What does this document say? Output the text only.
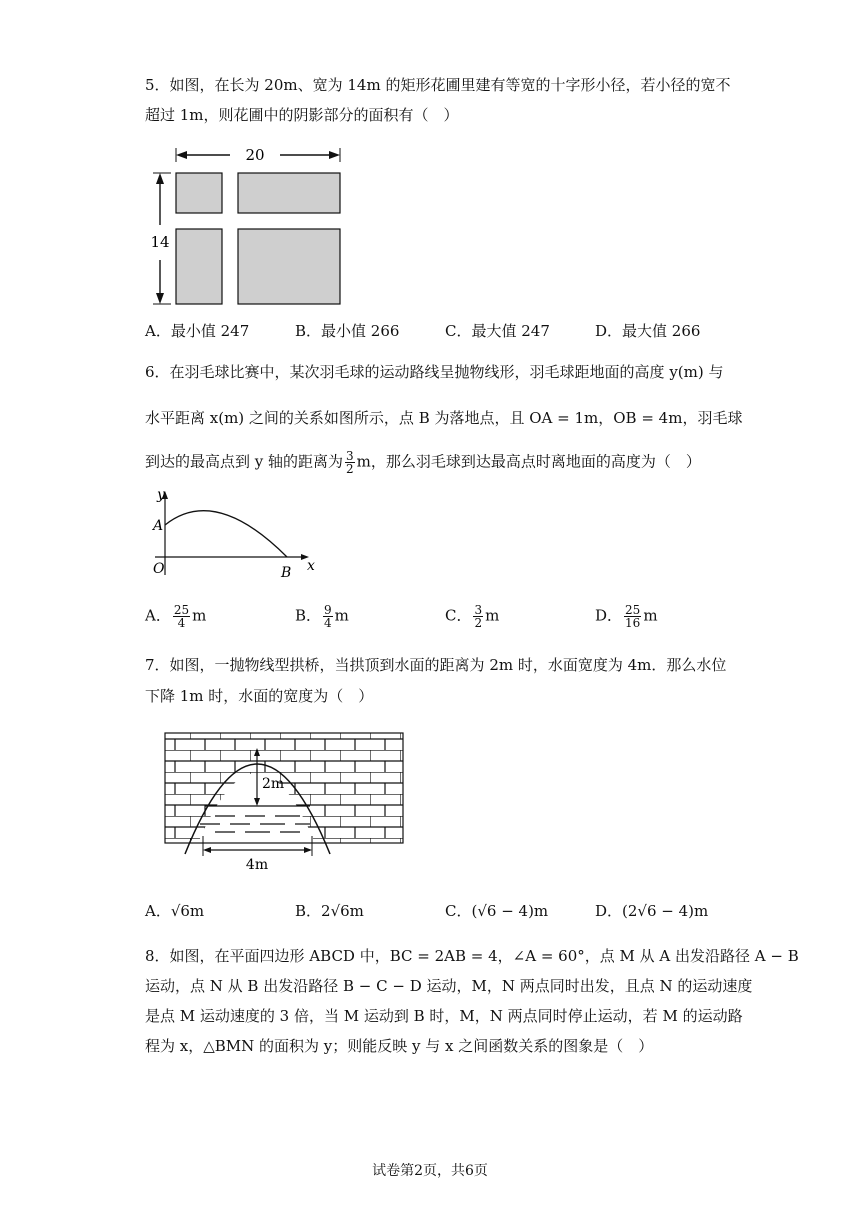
5．如图，在长为 20m、宽为 14m 的矩形花圃里建有等宽的十字形小径，若小径的宽不
超过 1m，则花圃中的阴影部分的面积有（　）
20
14
A．最小值 247	B．最小值 266	C．最大值 247	D．最大值 266
6．在羽毛球比赛中，某次羽毛球的运动路线呈抛物线形，羽毛球距地面的高度 y(m) 与
水平距离 x(m) 之间的关系如图所示，点 B 为落地点，且 OA = 1m，OB = 4m，羽毛球
到达的最高点到 y 轴的距离为 $\frac{3}{2}$ m，那么羽毛球到达最高点时离地面的高度为（　）
y
x
A
O	B
A． $\frac{25}{4}$ m	B． $\frac{9}{4}$ m	C． $\frac{3}{2}$ m	D． $\frac{25}{16}$ m
7．如图，一抛物线型拱桥，当拱顶到水面的距离为 2m 时，水面宽度为 4m．那么水位
下降 1m 时，水面的宽度为（　）
2m
4m
A．√6m	B．2√6m	C．(√6 − 4)m	D．(2√6 − 4)m
8．如图，在平面四边形 ABCD 中，BC = 2AB = 4，∠A = 60°，点 M 从 A 出发沿路径 A − B
运动，点 N 从 B 出发沿路径 B − C − D 运动，M，N 两点同时出发，且点 N 的运动速度
是点 M 运动速度的 3 倍，当 M 运动到 B 时，M，N 两点同时停止运动，若 M 的运动路
程为 x，△BMN 的面积为 y；则能反映 y 与 x 之间函数关系的图象是（　）
试卷第2页，共6页
